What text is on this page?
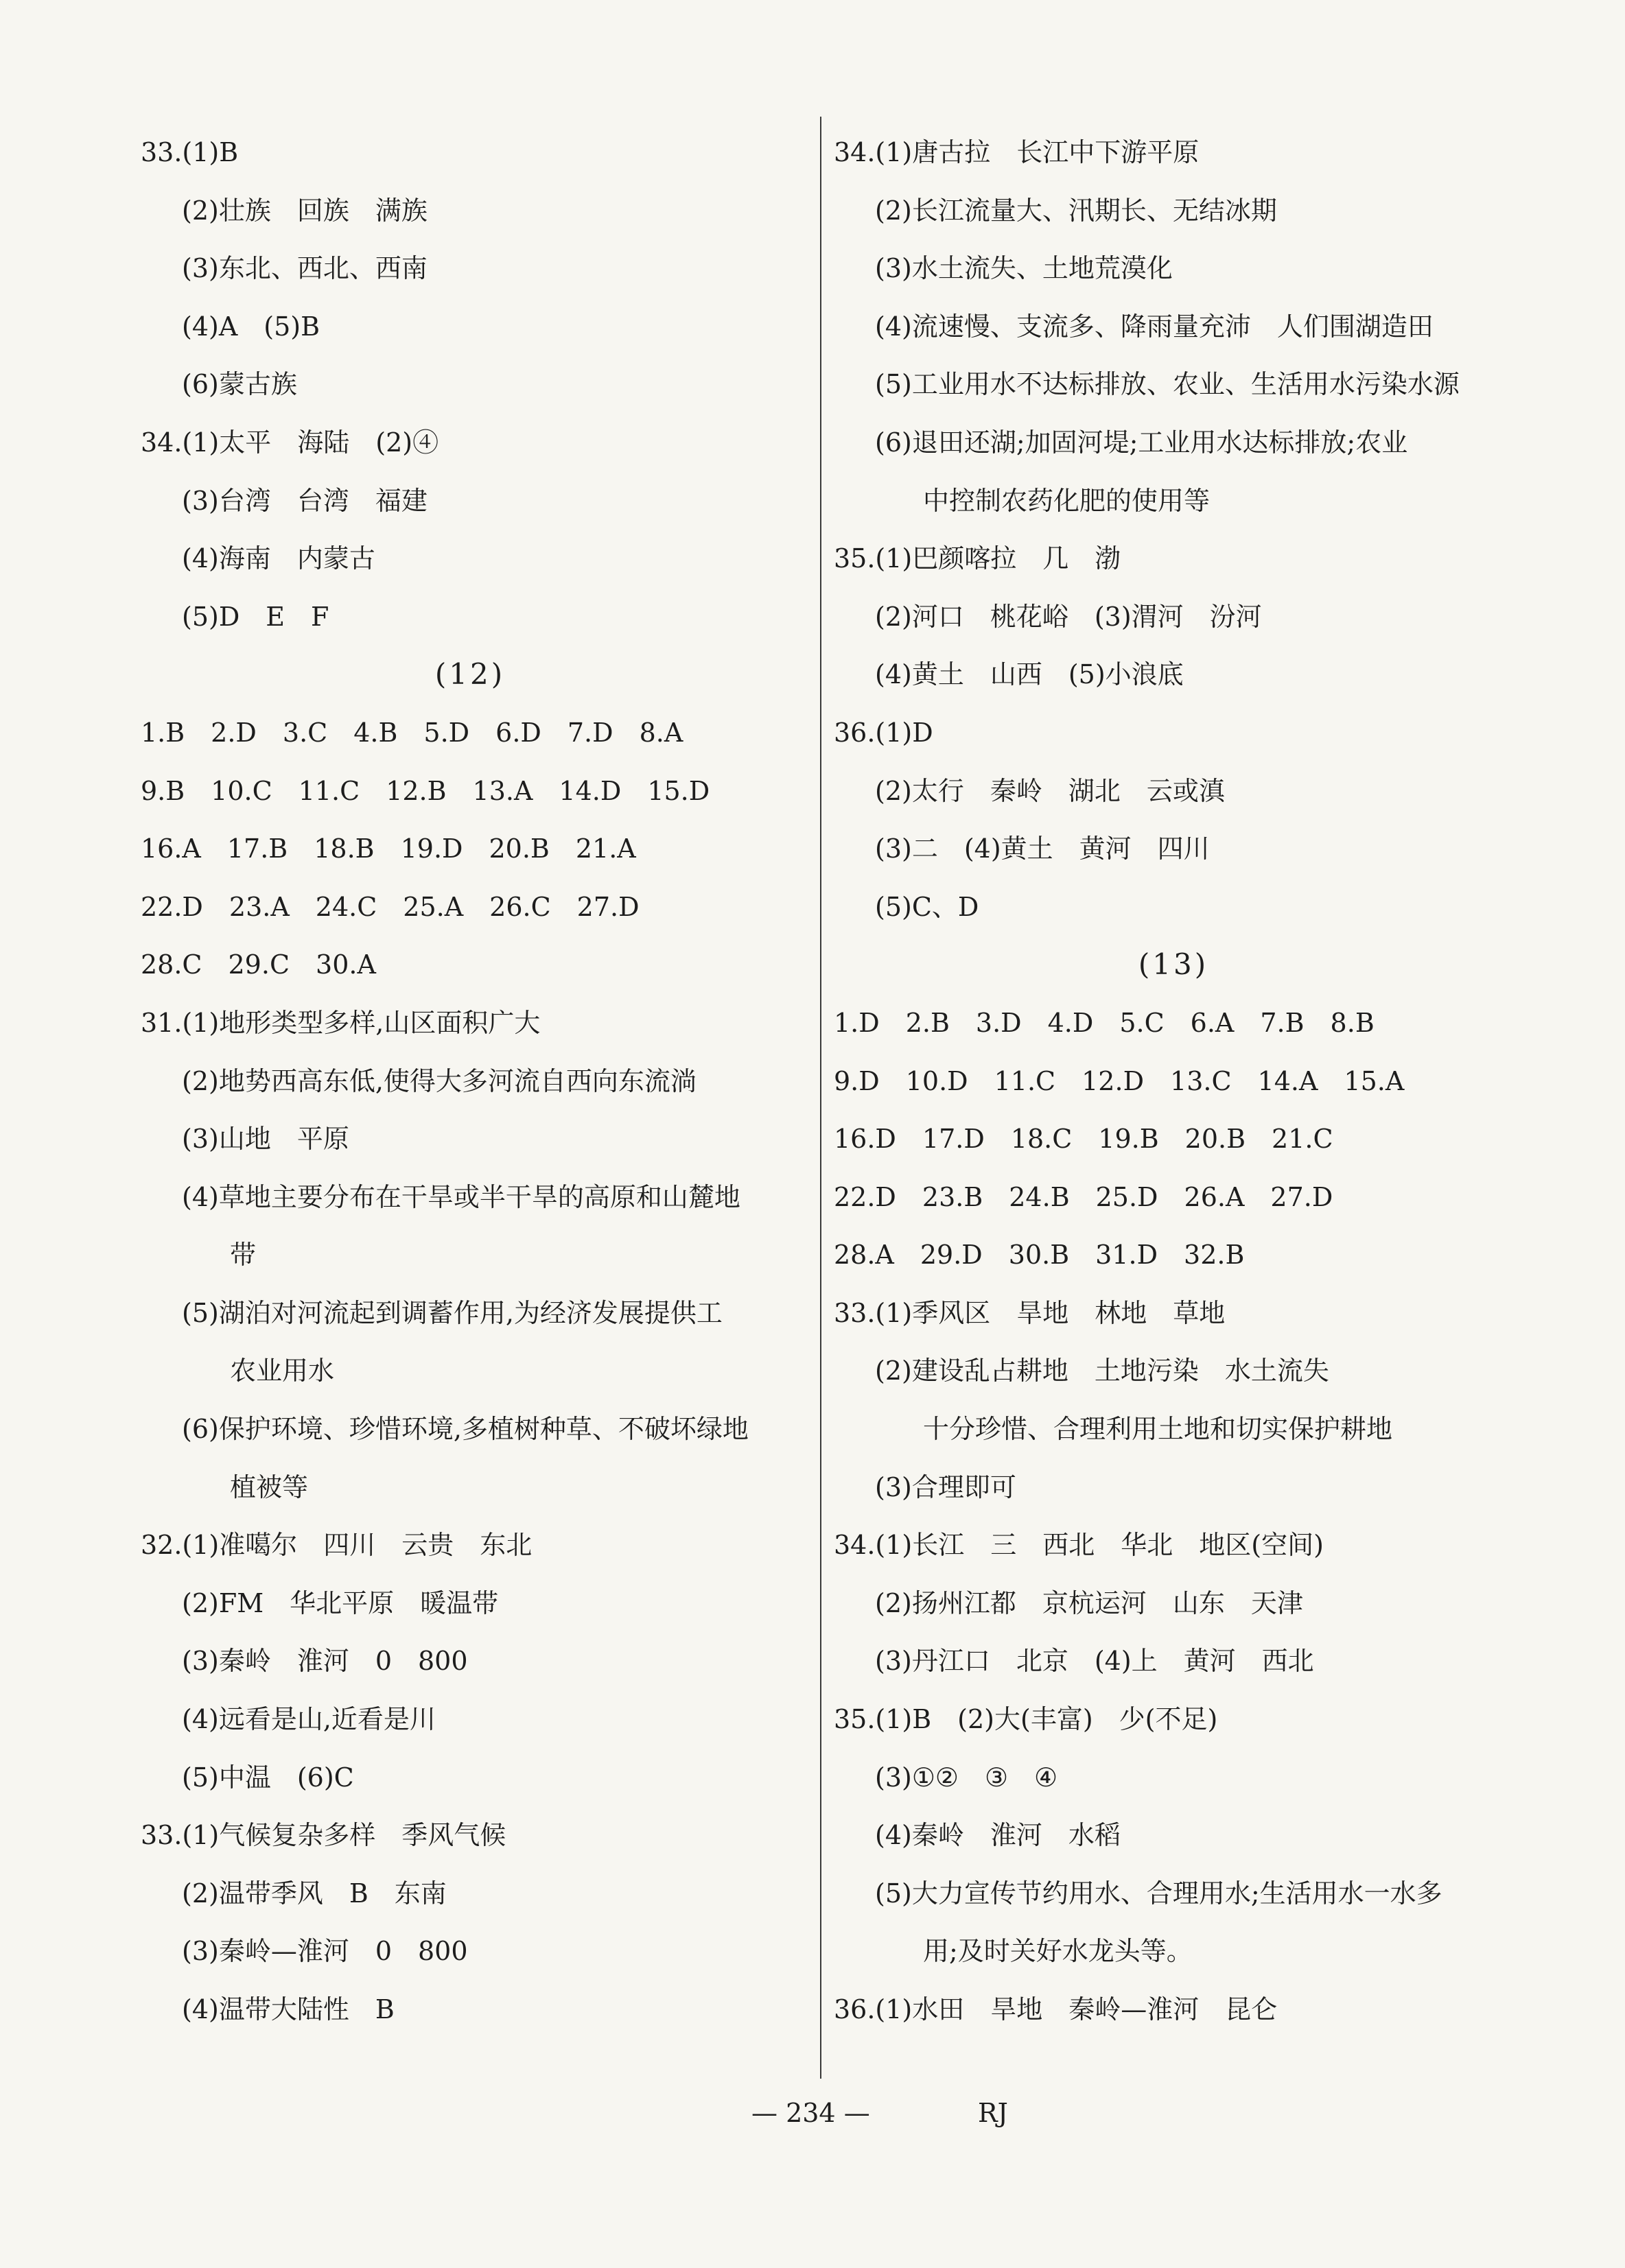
33.(1)B
(2)壮族　回族　满族
(3)东北、西北、西南
(4)A　(5)B
(6)蒙古族
34.(1)太平　海陆　(2)④
(3)台湾　台湾　福建
(4)海南　内蒙古
(5)D　E　F
(12)
1.B　2.D　3.C　4.B　5.D　6.D　7.D　8.A
9.B　10.C　11.C　12.B　13.A　14.D　15.D
16.A　17.B　18.B　19.D　20.B　21.A
22.D　23.A　24.C　25.A　26.C　27.D
28.C　29.C　30.A
31.(1)地形类型多样,山区面积广大
(2)地势西高东低,使得大多河流自西向东流淌
(3)山地　平原
(4)草地主要分布在干旱或半干旱的高原和山麓地
带
(5)湖泊对河流起到调蓄作用,为经济发展提供工
农业用水
(6)保护环境、珍惜环境,多植树种草、不破坏绿地
植被等
32.(1)准噶尔　四川　云贵　东北
(2)FM　华北平原　暖温带
(3)秦岭　淮河　0　800
(4)远看是山,近看是川
(5)中温　(6)C
33.(1)气候复杂多样　季风气候
(2)温带季风　B　东南
(3)秦岭—淮河　0　800
(4)温带大陆性　B
34.(1)唐古拉　长江中下游平原
(2)长江流量大、汛期长、无结冰期
(3)水土流失、土地荒漠化
(4)流速慢、支流多、降雨量充沛　人们围湖造田
(5)工业用水不达标排放、农业、生活用水污染水源
(6)退田还湖;加固河堤;工业用水达标排放;农业
中控制农药化肥的使用等
35.(1)巴颜喀拉　几　渤
(2)河口　桃花峪　(3)渭河　汾河
(4)黄土　山西　(5)小浪底
36.(1)D
(2)太行　秦岭　湖北　云或滇
(3)二　(4)黄土　黄河　四川
(5)C、D
(13)
1.D　2.B　3.D　4.D　5.C　6.A　7.B　8.B
9.D　10.D　11.C　12.D　13.C　14.A　15.A
16.D　17.D　18.C　19.B　20.B　21.C
22.D　23.B　24.B　25.D　26.A　27.D
28.A　29.D　30.B　31.D　32.B
33.(1)季风区　旱地　林地　草地
(2)建设乱占耕地　土地污染　水土流失
十分珍惜、合理利用土地和切实保护耕地
(3)合理即可
34.(1)长江　三　西北　华北　地区(空间)
(2)扬州江都　京杭运河　山东　天津
(3)丹江口　北京　(4)上　黄河　西北
35.(1)B　(2)大(丰富)　少(不足)
(3)①②　③　④
(4)秦岭　淮河　水稻
(5)大力宣传节约用水、合理用水;生活用水一水多
用;及时关好水龙头等。
36.(1)水田　旱地　秦岭—淮河　昆仑
— 234 —	RJ
